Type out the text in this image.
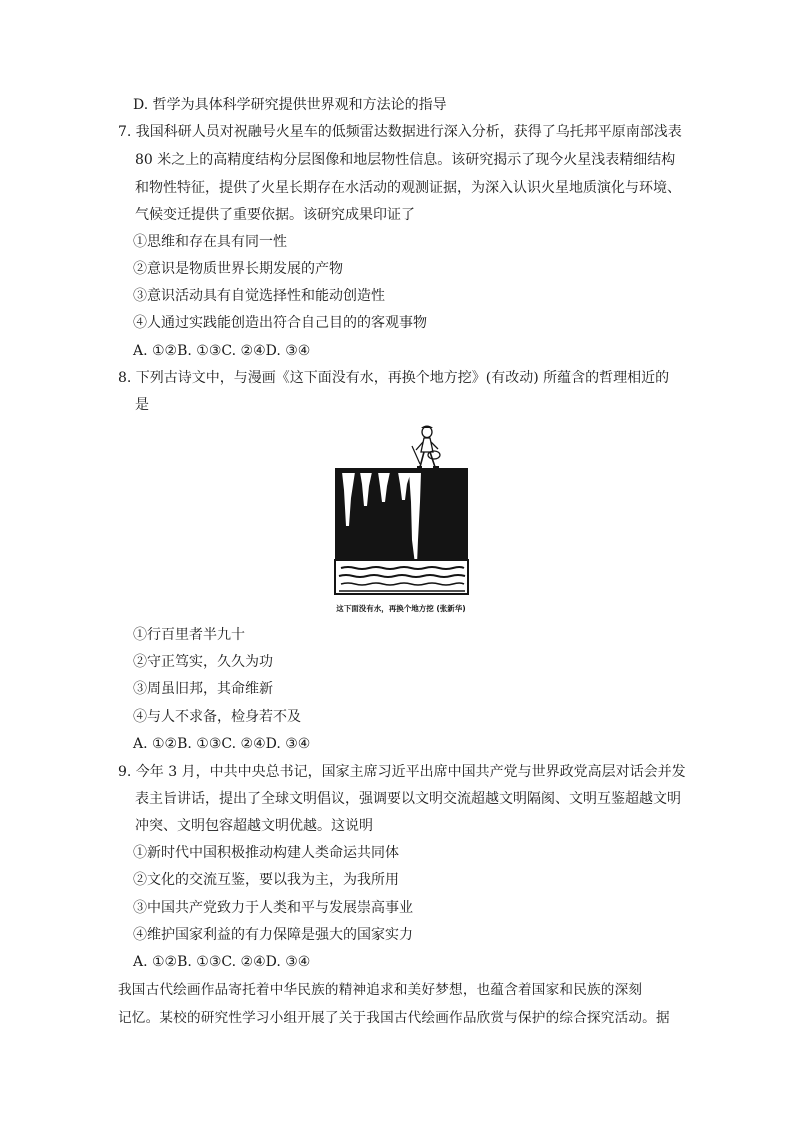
D. 哲学为具体科学研究提供世界观和方法论的指导
7. 我国科研人员对祝融号火星车的低频雷达数据进行深入分析，获得了乌托邦平原南部浅表
80 米之上的高精度结构分层图像和地层物性信息。该研究揭示了现今火星浅表精细结构
和物性特征，提供了火星长期存在水活动的观测证据，为深入认识火星地质演化与环境、
气候变迁提供了重要依据。该研究成果印证了
①思维和存在具有同一性
②意识是物质世界长期发展的产物
③意识活动具有自觉选择性和能动创造性
④人通过实践能创造出符合自己目的的客观事物
A. ①②B. ①③C. ②④D. ③④
8. 下列古诗文中，与漫画《这下面没有水，再换个地方挖》(有改动) 所蕴含的哲理相近的
是
这下面没有水，再换个地方挖 (张新华)
①行百里者半九十
②守正笃实，久久为功
③周虽旧邦，其命维新
④与人不求备，检身若不及
A. ①②B. ①③C. ②④D. ③④
9. 今年 3 月，中共中央总书记，国家主席习近平出席中国共产党与世界政党高层对话会并发
表主旨讲话，提出了全球文明倡议，强调要以文明交流超越文明隔阂、文明互鉴超越文明
冲突、文明包容超越文明优越。这说明
①新时代中国积极推动构建人类命运共同体
②文化的交流互鉴，要以我为主，为我所用
③中国共产党致力于人类和平与发展崇高事业
④维护国家利益的有力保障是强大的国家实力
A. ①②B. ①③C. ②④D. ③④
我国古代绘画作品寄托着中华民族的精神追求和美好梦想，也蕴含着国家和民族的深刻
记忆。某校的研究性学习小组开展了关于我国古代绘画作品欣赏与保护的综合探究活动。据
